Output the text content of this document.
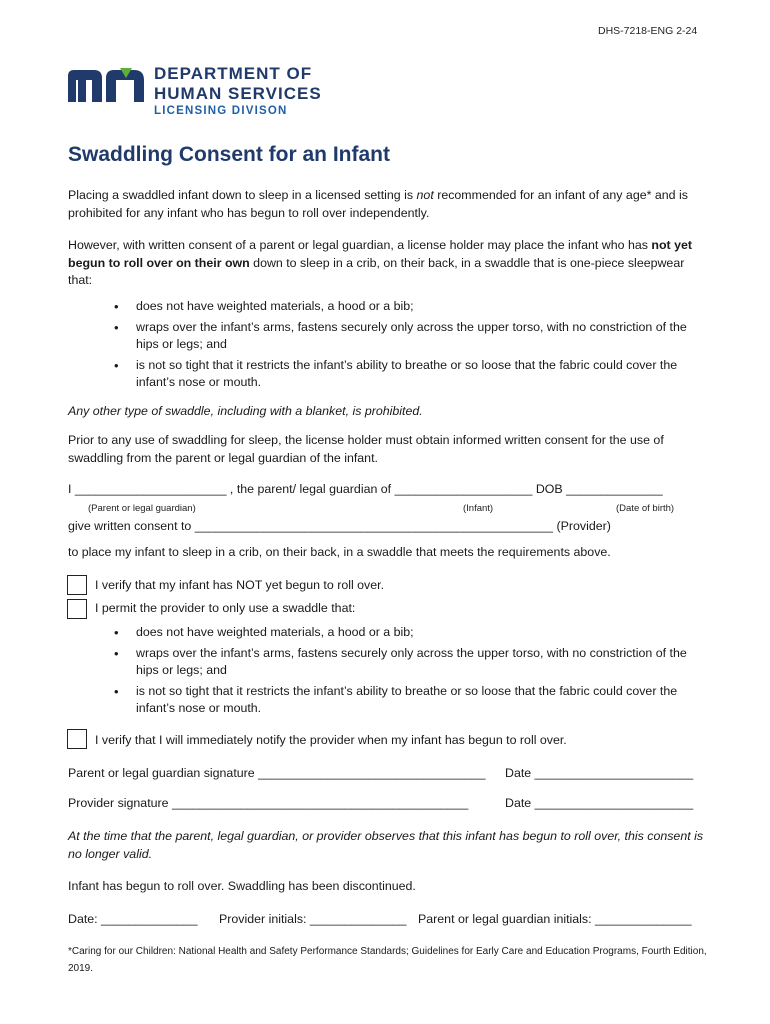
DHS-7218-ENG 2-24
DEPARTMENT OF
HUMAN SERVICES
LICENSING DIVISON
Swaddling Consent for an Infant
Placing a swaddled infant down to sleep in a licensed setting is not recommended for an infant of any age* and is prohibited for any infant who has begun to roll over independently.
However, with written consent of a parent or legal guardian, a license holder may place the infant who has not yet begun to roll over on their own down to sleep in a crib, on their back, in a swaddle that is one-piece sleepwear that:
• does not have weighted materials, a hood or a bib;
• wraps over the infant’s arms, fastens securely only across the upper torso, with no constriction of the hips or legs; and
• is not so tight that it restricts the infant’s ability to breathe or so loose that the fabric could cover the infant’s nose or mouth.
Any other type of swaddle, including with a blanket, is prohibited.
Prior to any use of swaddling for sleep, the license holder must obtain informed written consent for the use of swaddling from the parent or legal guardian of the infant.
I ______________________ , the parent/ legal guardian of ____________________ DOB ______________
(Parent or legal guardian)	(Infant)	(Date of birth)
give written consent to ____________________________________________________ (Provider)
to place my infant to sleep in a crib, on their back, in a swaddle that meets the requirements above.
I verify that my infant has NOT yet begun to roll over.
I permit the provider to only use a swaddle that:
• does not have weighted materials, a hood or a bib;
• wraps over the infant’s arms, fastens securely only across the upper torso, with no constriction of the hips or legs; and
• is not so tight that it restricts the infant’s ability to breathe or so loose that the fabric could cover the infant’s nose or mouth.
I verify that I will immediately notify the provider when my infant has begun to roll over.
Parent or legal guardian signature _________________________________ Date _______________________
Provider signature ___________________________________________	Date _______________________
At the time that the parent, legal guardian, or provider observes that this infant has begun to roll over, this consent is no longer valid.
Infant has begun to roll over. Swaddling has been discontinued.
Date: ______________ Provider initials: ______________ Parent or legal guardian initials: ______________
*Caring for our Children: National Health and Safety Performance Standards; Guidelines for Early Care and Education Programs, Fourth Edition, 2019.
